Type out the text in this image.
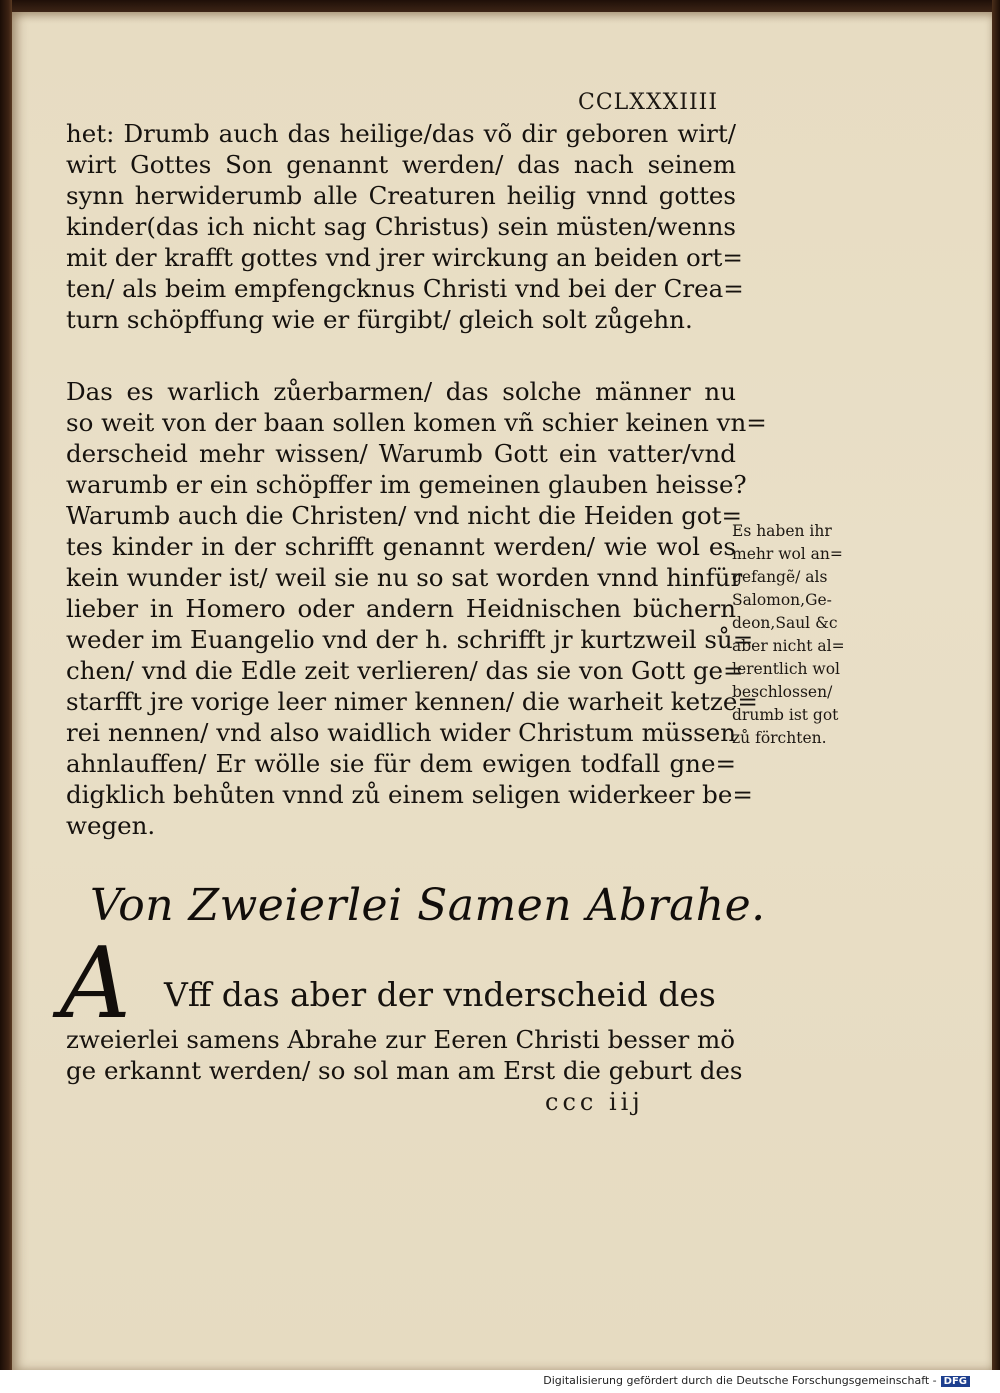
CCLXXXIIII
het: Drumb auch das heilige/das võ dir geboren wirt/
wirt Gottes Son genannt werden/ das nach seinem
synn herwiderumb alle Creaturen heilig vnnd gottes
kinder(das ich nicht sag Christus) sein müsten/wenns
mit der krafft gottes vnd jrer wirckung an beiden ort=
ten/ als beim empfengcknus Christi vnd bei der Crea=
turn schöpffung wie er fürgibt/ gleich solt zůgehn.
Das es warlich zůerbarmen/ das solche männer nu
so weit von der baan sollen komen vñ schier keinen vn=
derscheid mehr wissen/ Warumb Gott ein vatter/vnd
warumb er ein schöpffer im gemeinen glauben heisse?
Warumb auch die Christen/ vnd nicht die Heiden got=
tes kinder in der schrifft genannt werden/ wie wol es
kein wunder ist/ weil sie nu so sat worden vnnd hinfür
lieber in Homero oder andern Heidnischen büchern
weder im Euangelio vnd der h. schrifft jr kurtzweil sů=
chen/ vnd die Edle zeit verlieren/ das sie von Gott ge=
starfft jre vorige leer nimer kennen/ die warheit ketze=
rei nennen/ vnd also waidlich wider Christum müssen
ahnlauffen/ Er wölle sie für dem ewigen todfall gne=
digklich behůten vnnd zů einem seligen widerkeer be=
wegen.
Es haben ihr
mehr wol an=
gefangẽ/ als
Salomon,Ge-
deon,Saul &c
aber nicht al=
lerentlich wol
beschlossen/
drumb ist got
zů förchten.
Von Zweierlei Samen Abrahe.
A Vff das aber der vnderscheid des
zweierlei samens Abrahe zur Eeren Christi besser mö
ge erkannt werden/ so sol man am Erst die geburt des
ccc iij
Digitalisierung gefördert durch die Deutsche Forschungsgemeinschaft - DFG
